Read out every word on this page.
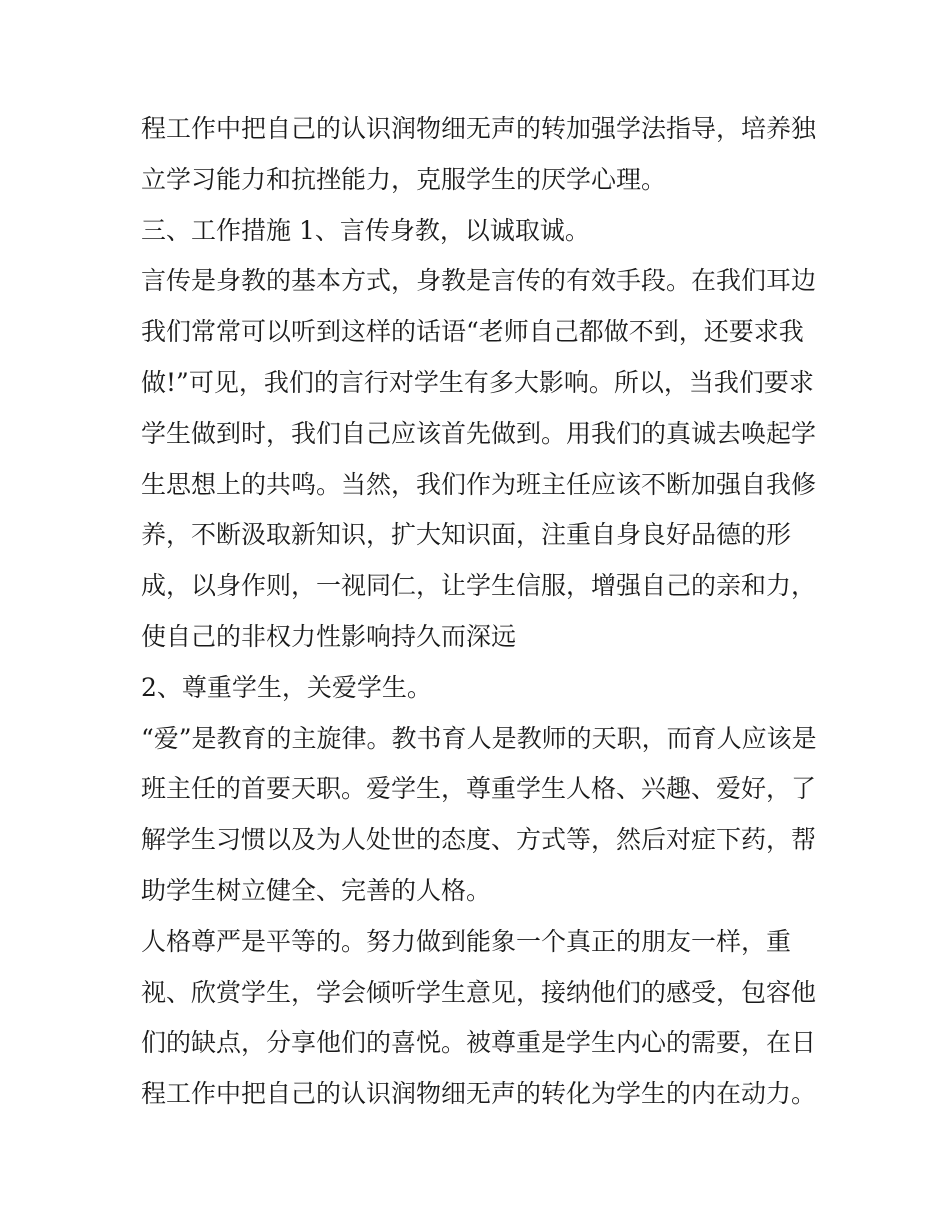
程工作中把自己的认识润物细无声的转加强学法指导，培养独
立学习能力和抗挫能力，克服学生的厌学心理。
三、工作措施 1、言传身教，以诚取诚。
言传是身教的基本方式，身教是言传的有效手段。在我们耳边
我们常常可以听到这样的话语“老师自己都做不到，还要求我
做!”可见，我们的言行对学生有多大影响。所以，当我们要求
学生做到时，我们自己应该首先做到。用我们的真诚去唤起学
生思想上的共鸣。当然，我们作为班主任应该不断加强自我修
养，不断汲取新知识，扩大知识面，注重自身良好品德的形
成，以身作则，一视同仁，让学生信服，增强自己的亲和力，
使自己的非权力性影响持久而深远
2、尊重学生，关爱学生。
“爱”是教育的主旋律。教书育人是教师的天职，而育人应该是
班主任的首要天职。爱学生，尊重学生人格、兴趣、爱好，了
解学生习惯以及为人处世的态度、方式等，然后对症下药，帮
助学生树立健全、完善的人格。
人格尊严是平等的。努力做到能象一个真正的朋友一样，重
视、欣赏学生，学会倾听学生意见，接纳他们的感受，包容他
们的缺点，分享他们的喜悦。被尊重是学生内心的需要，在日
程工作中把自己的认识润物细无声的转化为学生的内在动力。
